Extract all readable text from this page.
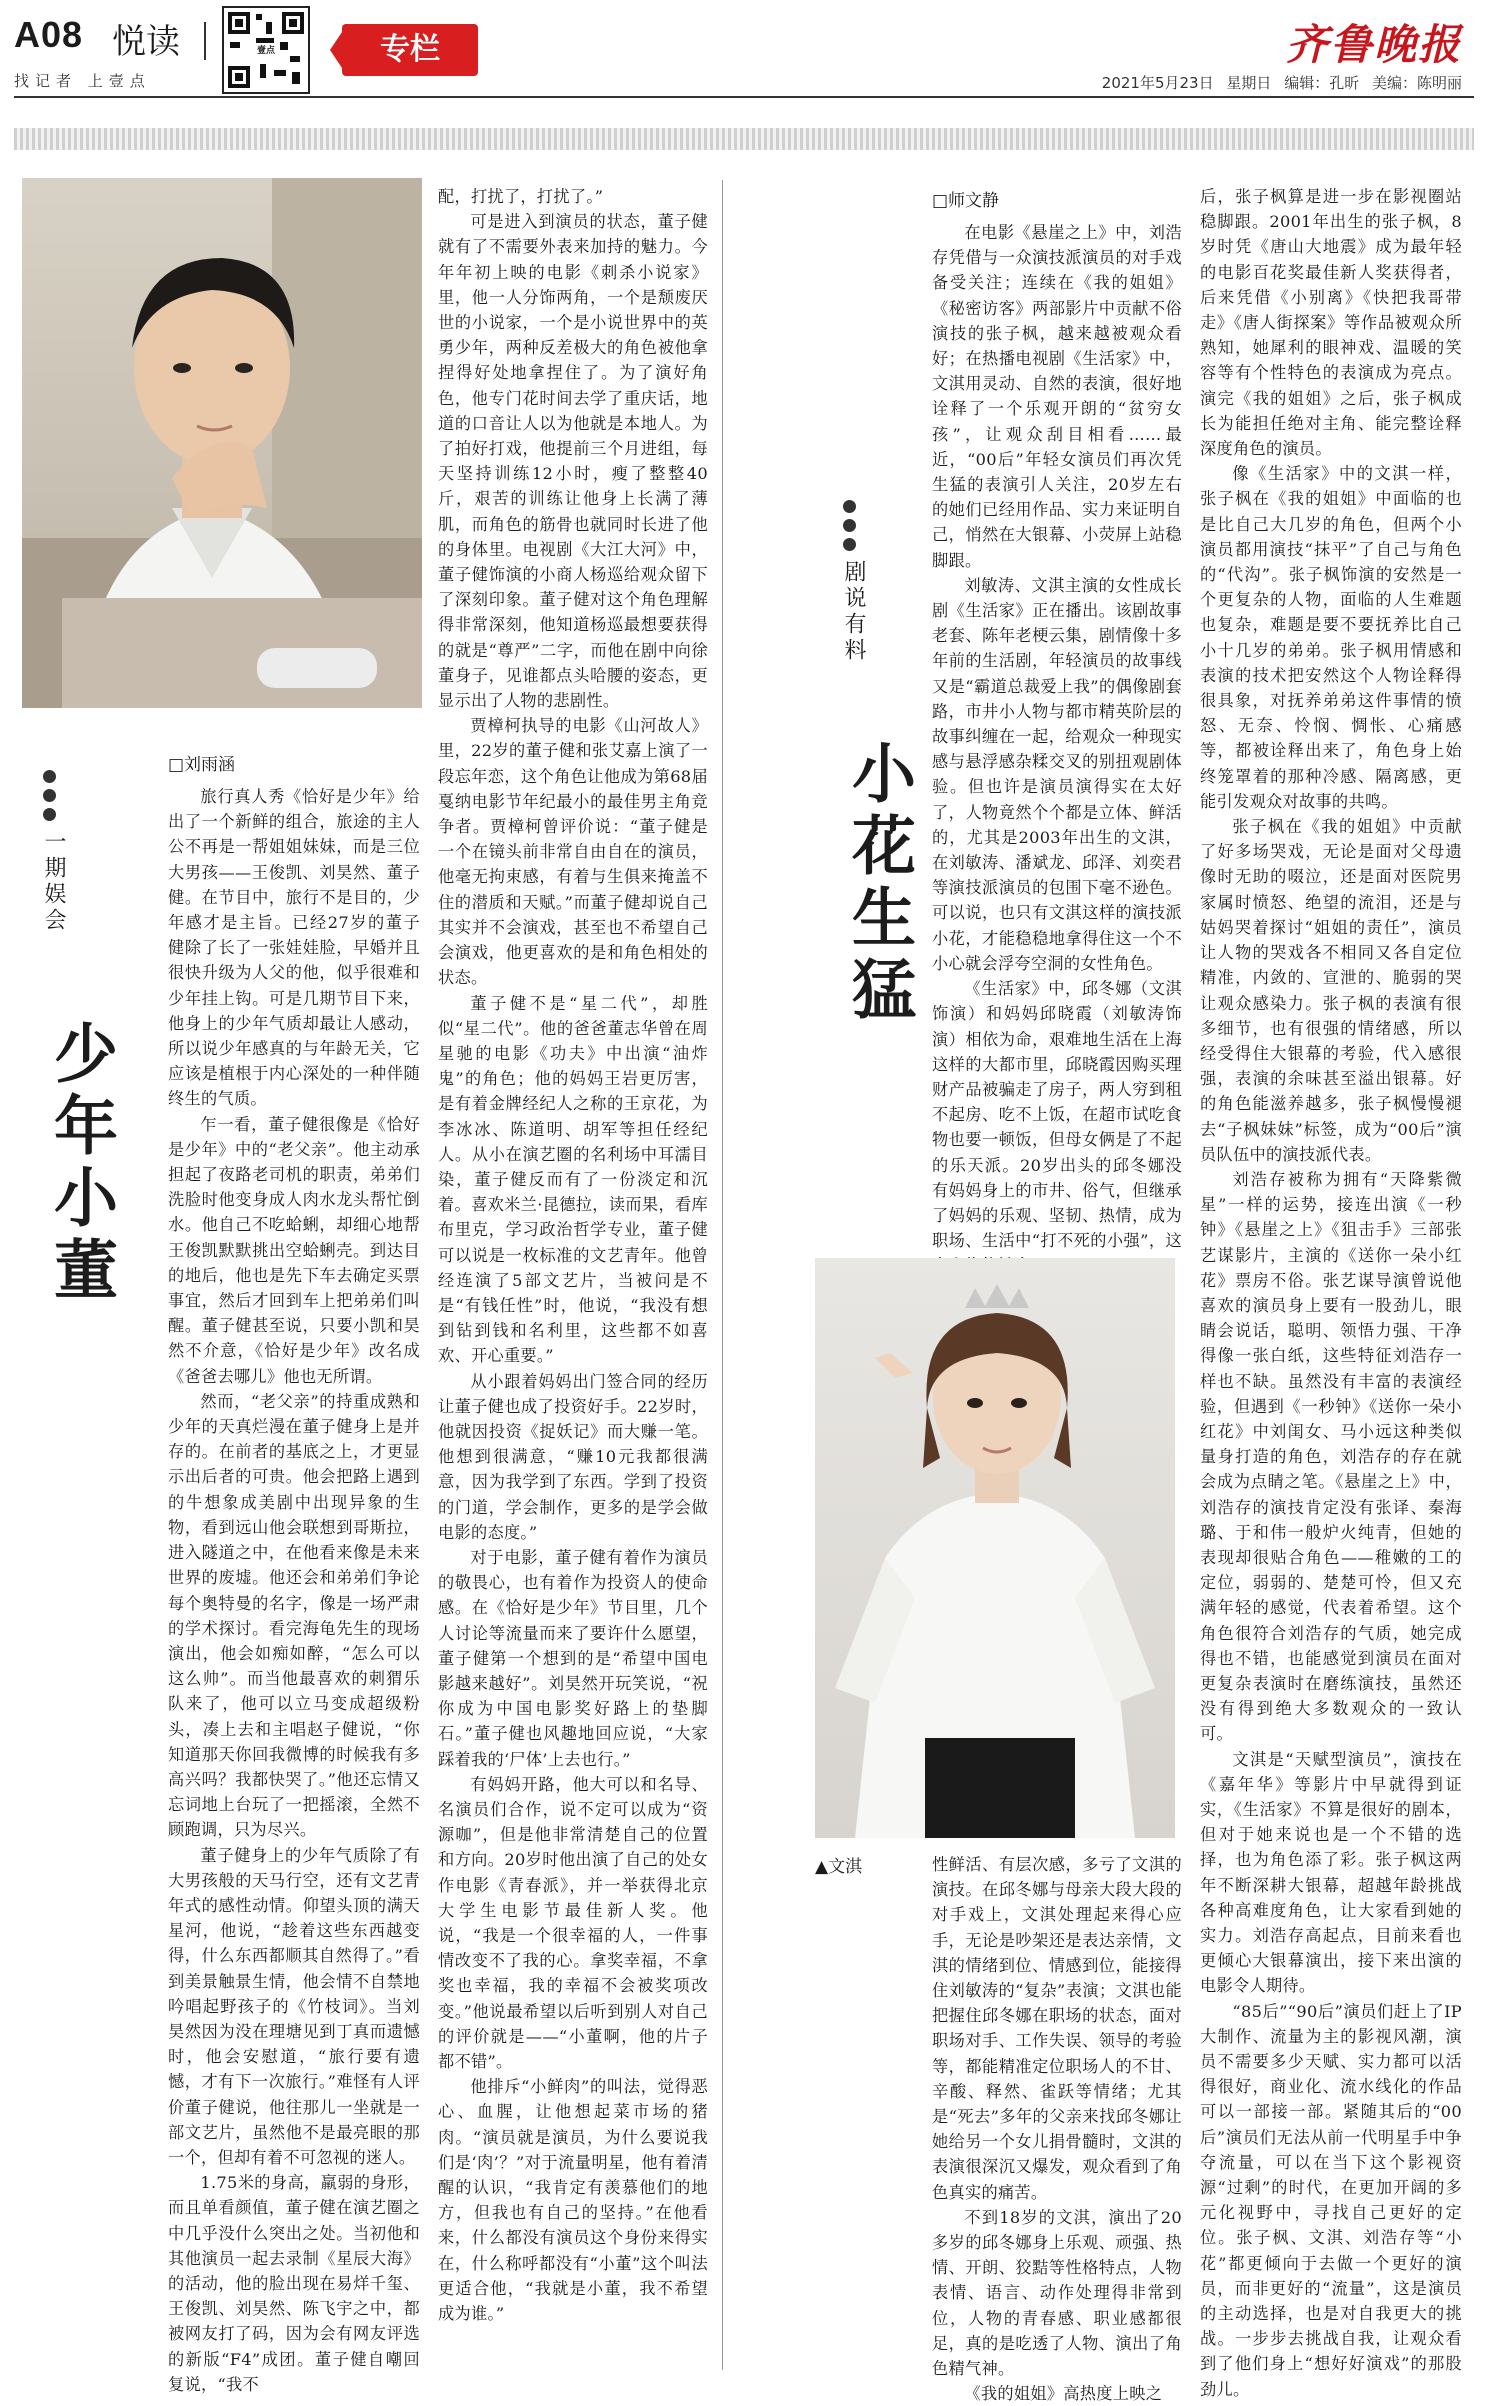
A08 悦读
找记者 上壹点
壹点	专栏	齐鲁晚报
2021年5月23日 星期日 编辑：孔昕 美编：陈明丽
一期娱会
少年小董
□刘雨涵

旅行真人秀《恰好是少年》给出了一个新鲜的组合，旅途的主人公不再是一帮姐姐妹妹，而是三位大男孩——王俊凯、刘昊然、董子健。在节目中，旅行不是目的，少年感才是主旨。已经27岁的董子健除了长了一张娃娃脸，早婚并且很快升级为人父的他，似乎很难和少年挂上钩。可是几期节目下来，他身上的少年气质却最让人感动，所以说少年感真的与年龄无关，它应该是植根于内心深处的一种伴随终生的气质。

乍一看，董子健很像是《恰好是少年》中的“老父亲”。他主动承担起了夜路老司机的职责，弟弟们洗脸时他变身成人肉水龙头帮忙倒水。他自己不吃蛤蜊，却细心地帮王俊凯默默挑出空蛤蜊壳。到达目的地后，他也是先下车去确定买票事宜，然后才回到车上把弟弟们叫醒。董子健甚至说，只要小凯和昊然不介意，《恰好是少年》改名成《爸爸去哪儿》他也无所谓。

然而，“老父亲”的持重成熟和少年的天真烂漫在董子健身上是并存的。在前者的基底之上，才更显示出后者的可贵。他会把路上遇到的牛想象成美剧中出现异象的生物，看到远山他会联想到哥斯拉，进入隧道之中，在他看来像是未来世界的废墟。他还会和弟弟们争论每个奥特曼的名字，像是一场严肃的学术探讨。看完海龟先生的现场演出，他会如痴如醉，“怎么可以这么帅”。而当他最喜欢的刺猬乐队来了，他可以立马变成超级粉头，凑上去和主唱赵子健说，“你知道那天你回我微博的时候我有多高兴吗？我都快哭了。”他还忘情又忘词地上台玩了一把摇滚，全然不顾跑调，只为尽兴。

董子健身上的少年气质除了有大男孩般的天马行空，还有文艺青年式的感性动情。仰望头顶的满天星河，他说，“趁着这些东西越变得，什么东西都顺其自然得了。”看到美景触景生情，他会情不自禁地吟唱起野孩子的《竹枝词》。当刘昊然因为没在理塘见到丁真而遗憾时，他会安慰道，“旅行要有遗憾，才有下一次旅行。”难怪有人评价董子健说，他往那儿一坐就是一部文艺片，虽然他不是最亮眼的那一个，但却有着不可忽视的迷人。

1.75米的身高，羸弱的身形，而且单看颜值，董子健在演艺圈之中几乎没什么突出之处。当初他和其他演员一起去录制《星辰大海》的活动，他的脸出现在易烊千玺、王俊凯、刘昊然、陈飞宇之中，都被网友打了码，因为会有网友评选的新版“F4”成团。董子健自嘲回复说，“我不

配，打扰了，打扰了。”

可是进入到演员的状态，董子健就有了不需要外表来加持的魅力。今年年初上映的电影《刺杀小说家》里，他一人分饰两角，一个是颓废厌世的小说家，一个是小说世界中的英勇少年，两种反差极大的角色被他拿捏得好处地拿捏住了。为了演好角色，他专门花时间去学了重庆话，地道的口音让人以为他就是本地人。为了拍好打戏，他提前三个月进组，每天坚持训练12小时，瘦了整整40斤，艰苦的训练让他身上长满了薄肌，而角色的筋骨也就同时长进了他的身体里。电视剧《大江大河》中，董子健饰演的小商人杨巡给观众留下了深刻印象。董子健对这个角色理解得非常深刻，他知道杨巡最想要获得的就是“尊严”二字，而他在剧中向徐董身子，见谁都点头哈腰的姿态，更显示出了人物的悲剧性。

贾樟柯执导的电影《山河故人》里，22岁的董子健和张艾嘉上演了一段忘年恋，这个角色让他成为第68届戛纳电影节年纪最小的最佳男主角竞争者。贾樟柯曾评价说：“董子健是一个在镜头前非常自由自在的演员，他毫无拘束感，有着与生俱来掩盖不住的潜质和天赋。”而董子健却说自己其实并不会演戏，甚至也不希望自己会演戏，他更喜欢的是和角色相处的状态。

董子健不是“星二代”，却胜似“星二代”。他的爸爸董志华曾在周星驰的电影《功夫》中出演“油炸鬼”的角色；他的妈妈王岩更厉害，是有着金牌经纪人之称的王京花，为李冰冰、陈道明、胡军等担任经纪人。从小在演艺圈的名利场中耳濡目染，董子健反而有了一份淡定和沉着。喜欢米兰·昆德拉，读而果，看库布里克，学习政治哲学专业，董子健可以说是一枚标准的文艺青年。他曾经连演了5部文艺片，当被问是不是“有钱任性”时，他说，“我没有想到钻到钱和名利里，这些都不如喜欢、开心重要。”

从小跟着妈妈出门签合同的经历让董子健也成了投资好手。22岁时，他就因投资《捉妖记》而大赚一笔。他想到很满意，“赚10元我都很满意，因为我学到了东西。学到了投资的门道，学会制作，更多的是学会做电影的态度。”

对于电影，董子健有着作为演员的敬畏心，也有着作为投资人的使命感。在《恰好是少年》节目里，几个人讨论等流量而来了要许什么愿望，董子健第一个想到的是“希望中国电影越来越好”。刘昊然开玩笑说，“祝你成为中国电影奖好路上的垫脚石。”董子健也风趣地回应说，“大家踩着我的‘尸体’上去也行。”

有妈妈开路，他大可以和名导、名演员们合作，说不定可以成为“资源咖”，但是他非常清楚自己的位置和方向。20岁时他出演了自己的处女作电影《青春派》，并一举获得北京大学生电影节最佳新人奖。他说，“我是一个很幸福的人，一件事情改变不了我的心。拿奖幸福，不拿奖也幸福，我的幸福不会被奖项改变。”他说最希望以后听到别人对自己的评价就是——“小董啊，他的片子都不错”。

他排斥“小鲜肉”的叫法，觉得恶心、血腥，让他想起菜市场的猪肉。“演员就是演员，为什么要说我们是‘肉’？”对于流量明星，他有着清醒的认识，“我肯定有羡慕他们的地方，但我也有自己的坚持。”在他看来，什么都没有演员这个身份来得实在，什么称呼都没有“小董”这个叫法更适合他，“我就是小董，我不希望成为谁。”

剧说有料
小花生猛
□师文静

在电影《悬崖之上》中，刘浩存凭借与一众演技派演员的对手戏备受关注；连续在《我的姐姐》《秘密访客》两部影片中贡献不俗演技的张子枫，越来越被观众看好；在热播电视剧《生活家》中，文淇用灵动、自然的表演，很好地诠释了一个乐观开朗的“贫穷女孩”，让观众刮目相看……最近，“00后”年轻女演员们再次凭生猛的表演引人关注，20岁左右的她们已经用作品、实力来证明自己，悄然在大银幕、小荧屏上站稳脚跟。

刘敏涛、文淇主演的女性成长剧《生活家》正在播出。该剧故事老套、陈年老梗云集，剧情像十多年前的生活剧，年轻演员的故事线又是“霸道总裁爱上我”的偶像剧套路，市井小人物与都市精英阶层的故事纠缠在一起，给观众一种现实感与悬浮感杂糅交叉的别扭观剧体验。但也许是演员演得实在太好了，人物竟然个个都是立体、鲜活的，尤其是2003年出生的文淇，在刘敏涛、潘斌龙、邱泽、刘奕君等演技派演员的包围下毫不逊色。可以说，也只有文淇这样的演技派小花，才能稳稳地拿得住这一个不小心就会浮夸空洞的女性角色。

《生活家》中，邱冬娜（文淇饰演）和妈妈邱晓霞（刘敏涛饰演）相依为命，艰难地生活在上海这样的大都市里，邱晓霞因购买理财产品被骗走了房子，两人穷到租不起房、吃不上饭，在超市试吃食物也要一顿饭，但母女俩是了不起的乐天派。20岁出头的邱冬娜没有妈妈身上的市井、俗气，但继承了妈妈的乐观、坚韧、热情，成为职场、生活中“打不死的小强”，这

▲文淇	性鲜活、有层次感，多亏了文淇的演技。在邱冬娜与母亲大段大段的对手戏上，文淇处理起来得心应手，无论是吵架还是表达亲情，文淇的情绪到位、情感到位，能接得住刘敏涛的“复杂”表演；文淇也能把握住邱冬娜在职场的状态，面对职场对手、工作失误、领导的考验等，都能精准定位职场人的不甘、辛酸、释然、雀跃等情绪；尤其是“死去”多年的父亲来找邱冬娜让她给另一个女儿捐骨髓时，文淇的表演很深沉又爆发，观众看到了角色真实的痛苦。

不到18岁的文淇，演出了20多岁的邱冬娜身上乐观、顽强、热情、开朗、狡黠等性格特点，人物表情、语言、动作处理得非常到位，人物的青春感、职业感都很足，真的是吃透了人物、演出了角色精气神。

《我的姐姐》高热度上映之

后，张子枫算是进一步在影视圈站稳脚跟。2001年出生的张子枫，8岁时凭《唐山大地震》成为最年轻的电影百花奖最佳新人奖获得者，后来凭借《小别离》《快把我哥带走》《唐人街探案》等作品被观众所熟知，她犀利的眼神戏、温暖的笑容等有个性特色的表演成为亮点。演完《我的姐姐》之后，张子枫成长为能担任绝对主角、能完整诠释深度角色的演员。

像《生活家》中的文淇一样，张子枫在《我的姐姐》中面临的也是比自己大几岁的角色，但两个小演员都用演技“抹平”了自己与角色的“代沟”。张子枫饰演的安然是一个更复杂的人物，面临的人生难题也复杂，难题是要不要抚养比自己小十几岁的弟弟。张子枫用情感和表演的技术把安然这个人物诠释得很具象，对抚养弟弟这件事情的愤怒、无奈、怜悯、惆怅、心痛感等，都被诠释出来了，角色身上始终笼罩着的那种冷感、隔离感，更能引发观众对故事的共鸣。

张子枫在《我的姐姐》中贡献了好多场哭戏，无论是面对父母遗像时无助的啜泣，还是面对医院男家属时愤怒、绝望的流泪，还是与姑妈哭着探讨“姐姐的责任”，演员让人物的哭戏各不相同又各自定位精准，内敛的、宣泄的、脆弱的哭让观众感染力。张子枫的表演有很多细节，也有很强的情绪感，所以经受得住大银幕的考验，代入感很强，表演的余味甚至溢出银幕。好的角色能滋养越多，张子枫慢慢褪去“子枫妹妹”标签，成为“00后”演员队伍中的演技派代表。

刘浩存被称为拥有“天降紫微星”一样的运势，接连出演《一秒钟》《悬崖之上》《狙击手》三部张艺谋影片，主演的《送你一朵小红花》票房不俗。张艺谋导演曾说他喜欢的演员身上要有一股劲儿，眼睛会说话，聪明、领悟力强、干净得像一张白纸，这些特征刘浩存一样也不缺。虽然没有丰富的表演经验，但遇到《一秒钟》《送你一朵小红花》中刘闺女、马小远这种类似量身打造的角色，刘浩存的存在就会成为点睛之笔。《悬崖之上》中，刘浩存的演技肯定没有张译、秦海璐、于和伟一般炉火纯青，但她的表现却很贴合角色——稚嫩的工的定位，弱弱的、楚楚可怜，但又充满年轻的感觉，代表着希望。这个角色很符合刘浩存的气质，她完成得也不错，也能感觉到演员在面对更复杂表演时在磨练演技，虽然还没有得到绝大多数观众的一致认可。

文淇是“天赋型演员”，演技在《嘉年华》等影片中早就得到证实，《生活家》不算是很好的剧本，但对于她来说也是一个不错的选择，也为角色添了彩。张子枫这两年不断深耕大银幕，超越年龄挑战各种高难度角色，让大家看到她的实力。刘浩存高起点，目前来看也更倾心大银幕演出，接下来出演的电影令人期待。

“85后”“90后”演员们赶上了IP大制作、流量为主的影视风潮，演员不需要多少天赋、实力都可以活得很好，商业化、流水线化的作品可以一部接一部。紧随其后的“00后”演员们无法从前一代明星手中争夺流量，可以在当下这个影视资源“过剩”的时代，在更加开阔的多元化视野中，寻找自己更好的定位。张子枫、文淇、刘浩存等“小花”都更倾向于去做一个更好的演员，而非更好的“流量”，这是演员的主动选择，也是对自我更大的挑战。一步步去挑战自我，让观众看到了他们身上“想好好演戏”的那股劲儿。
